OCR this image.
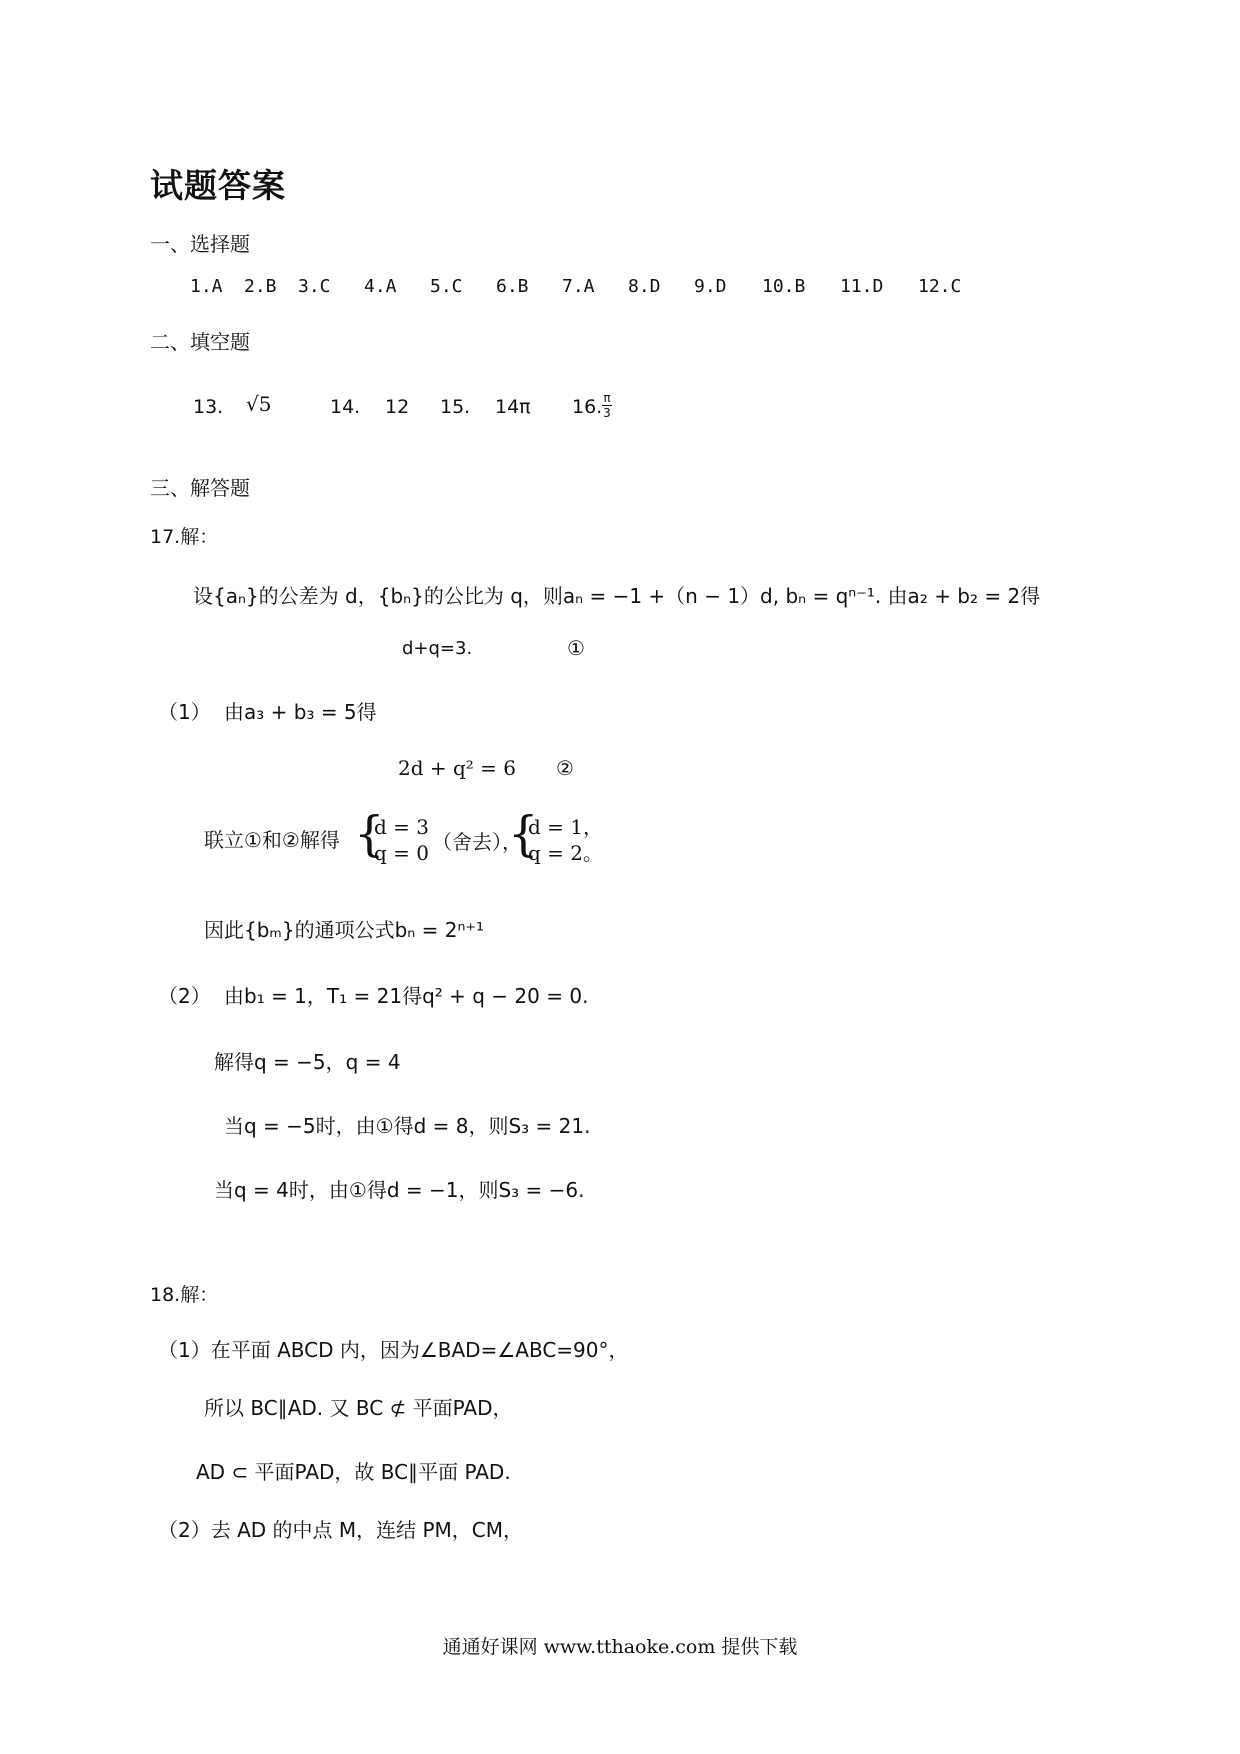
试题答案
一、选择题
1.A 2.B 3.C 4.A 5.C 6.B 7.A 8.D 9.D 10.B 11.D 12.C
二、填空题
13. √5	14. 12 15. 14π 16. $\frac{\pi}{3}$
三、解答题
17.解：
设{aₙ}的公差为 d，{bₙ}的公比为 q，则aₙ = −1 +（n − 1）d, bₙ = qⁿ⁻¹. 由a₂ + b₂ = 2得
d+q=3.	①
（1） 由a₃ + b₃ = 5得
2d + q² = 6 ②
联立①和②解得 {
d = 3
q = 0 （舍去），
{
d = 1，
q = 2。
因此{bₘ}的通项公式bₙ = 2ⁿ⁺¹
（2） 由b₁ = 1，T₁ = 21得q² + q − 20 = 0.
解得q = −5，q = 4
当q = −5时，由①得d = 8，则S₃ = 21.
当q = 4时，由①得d = −1，则S₃ = −6.
18.解：
（1）在平面 ABCD 内，因为∠BAD=∠ABC=90°，
所以 BC∥AD. 又 BC ⊄ 平面PAD，
AD ⊂ 平面PAD，故 BC∥平面 PAD.
（2）去 AD 的中点 M，连结 PM，CM，
通通好课网 www.tthaoke.com 提供下载
